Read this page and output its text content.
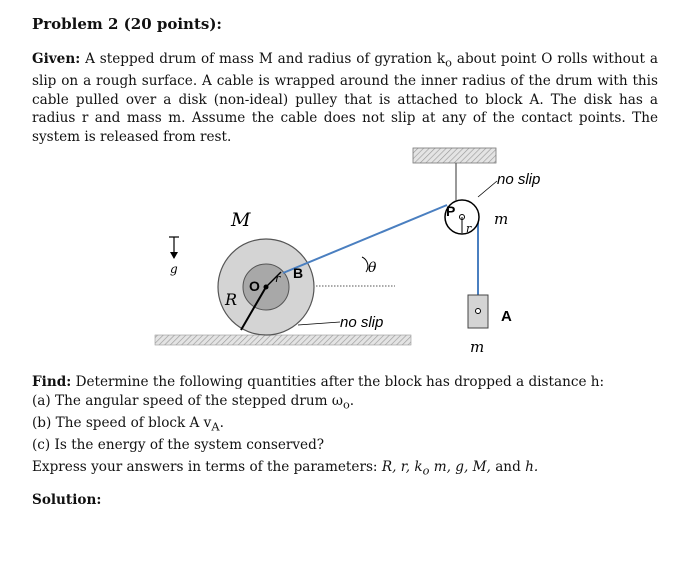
Problem 2 (20 points):
Given: A stepped drum of mass M and radius of gyration $k_o$ about point O rolls without a slip on a rough surface. A cable is wrapped around the inner radius of the drum with this cable pulled over a disk (non-ideal) pulley that is attached to block A. The disk has a radius r and mass m. Assume the cable does not slip at any of the contact points. The system is released from rest.
g
M
θ
O r
R
B
no slip
P
r
no slip
m
A
m
Find: Determine the following quantities after the block has dropped a distance h:
(a) The angular speed of the stepped drum $\omega_o$.
(b) The speed of block A $v_A$.
(c) Is the energy of the system conserved?
Express your answers in terms of the parameters: R, r, $k_o$ m, g, M, and h.
Solution:
